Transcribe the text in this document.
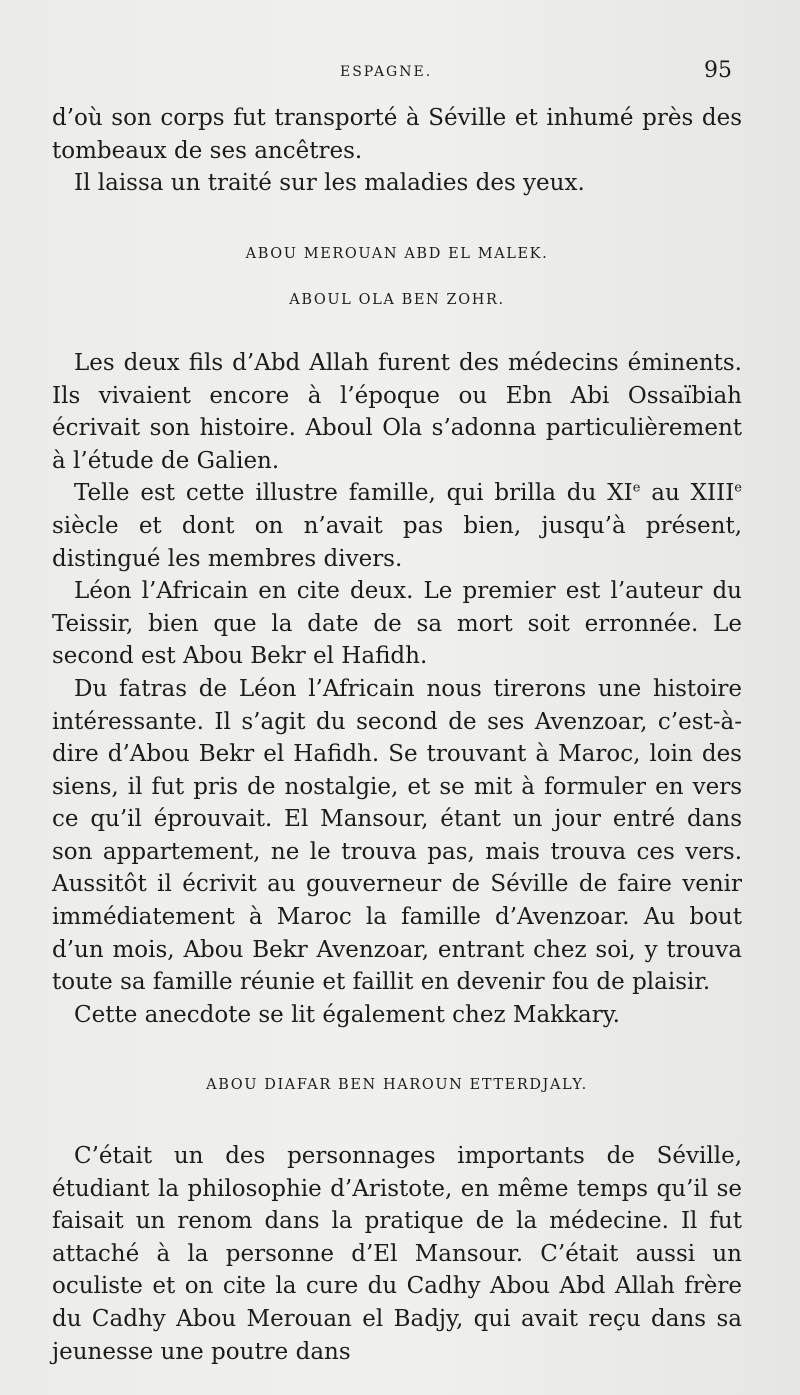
ESPAGNE.	95

d’où son corps fut transporté à Séville et inhumé près des tombeaux de ses ancêtres.

Il laissa un traité sur les maladies des yeux.

ABOU MEROUAN ABD EL MALEK.

ABOUL OLA BEN ZOHR.

Les deux fils d’Abd Allah furent des médecins éminents. Ils vivaient encore à l’époque ou Ebn Abi Ossaïbiah écrivait son histoire. Aboul Ola s’adonna particulièrement à l’étude de Galien.

Telle est cette illustre famille, qui brilla du XIe au XIIIe siècle et dont on n’avait pas bien, jusqu’à présent, distingué les membres divers.

Léon l’Africain en cite deux. Le premier est l’auteur du Teissir, bien que la date de sa mort soit erronnée. Le second est Abou Bekr el Hafidh.

Du fatras de Léon l’Africain nous tirerons une histoire intéressante. Il s’agit du second de ses Avenzoar, c’est-à-dire d’Abou Bekr el Hafidh. Se trouvant à Maroc, loin des siens, il fut pris de nostalgie, et se mit à formuler en vers ce qu’il éprouvait. El Mansour, étant un jour entré dans son appartement, ne le trouva pas, mais trouva ces vers. Aussitôt il écrivit au gouverneur de Séville de faire venir immédiatement à Maroc la famille d’Avenzoar. Au bout d’un mois, Abou Bekr Avenzoar, entrant chez soi, y trouva toute sa famille réunie et faillit en devenir fou de plaisir.

Cette anecdote se lit également chez Makkary.

ABOU DIAFAR BEN HAROUN ETTERDJALY.

C’était un des personnages importants de Séville, étudiant la philosophie d’Aristote, en même temps qu’il se faisait un renom dans la pratique de la médecine. Il fut attaché à la personne d’El Mansour. C’était aussi un oculiste et on cite la cure du Cadhy Abou Abd Allah frère du Cadhy Abou Merouan el Badjy, qui avait reçu dans sa jeunesse une poutre dans
